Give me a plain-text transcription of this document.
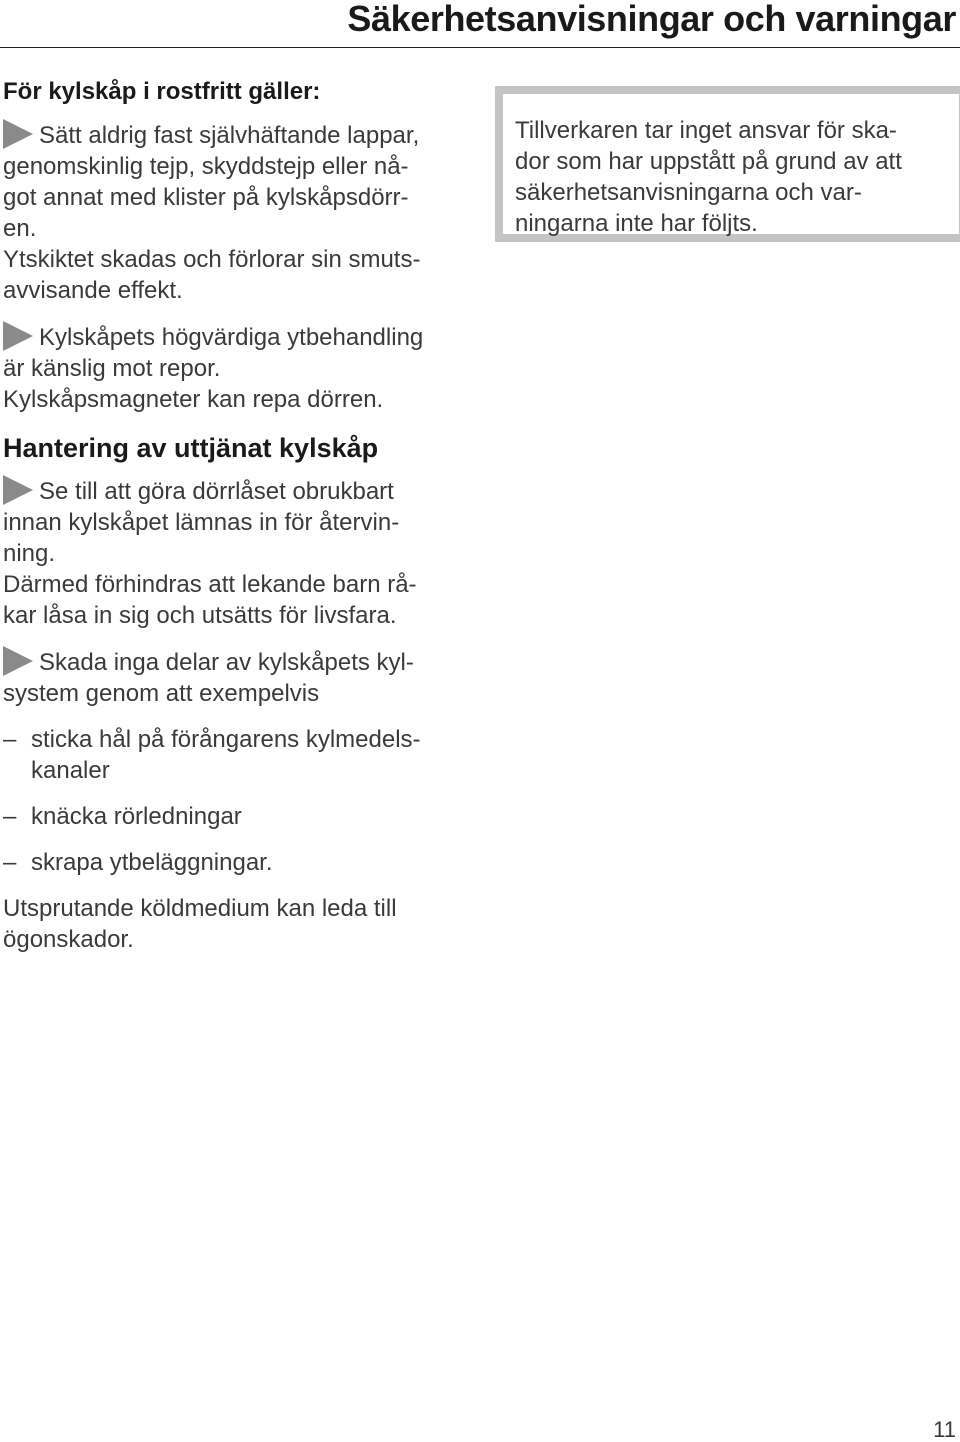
Säkerhetsanvisningar och varningar
För kylskåp i rostfritt gäller:
Sätt aldrig fast självhäftande lappar,
genomskinlig tejp, skyddstejp eller nå-
got annat med klister på kylskåpsdörr-
en.
Ytskiktet skadas och förlorar sin smuts-
avvisande effekt.
Kylskåpets högvärdiga ytbehandling
är känslig mot repor.
Kylskåpsmagneter kan repa dörren.
Hantering av uttjänat kylskåp
Se till att göra dörrlåset obrukbart
innan kylskåpet lämnas in för återvin-
ning.
Därmed förhindras att lekande barn rå-
kar låsa in sig och utsätts för livsfara.
Skada inga delar av kylskåpets kyl-
system genom att exempelvis
– sticka hål på förångarens kylmedels-
kanaler
– knäcka rörledningar
– skrapa ytbeläggningar.
Utsprutande köldmedium kan leda till
ögonskador.
Tillverkaren tar inget ansvar för ska-
dor som har uppstått på grund av att
säkerhetsanvisningarna och var-
ningarna inte har följts.
11
